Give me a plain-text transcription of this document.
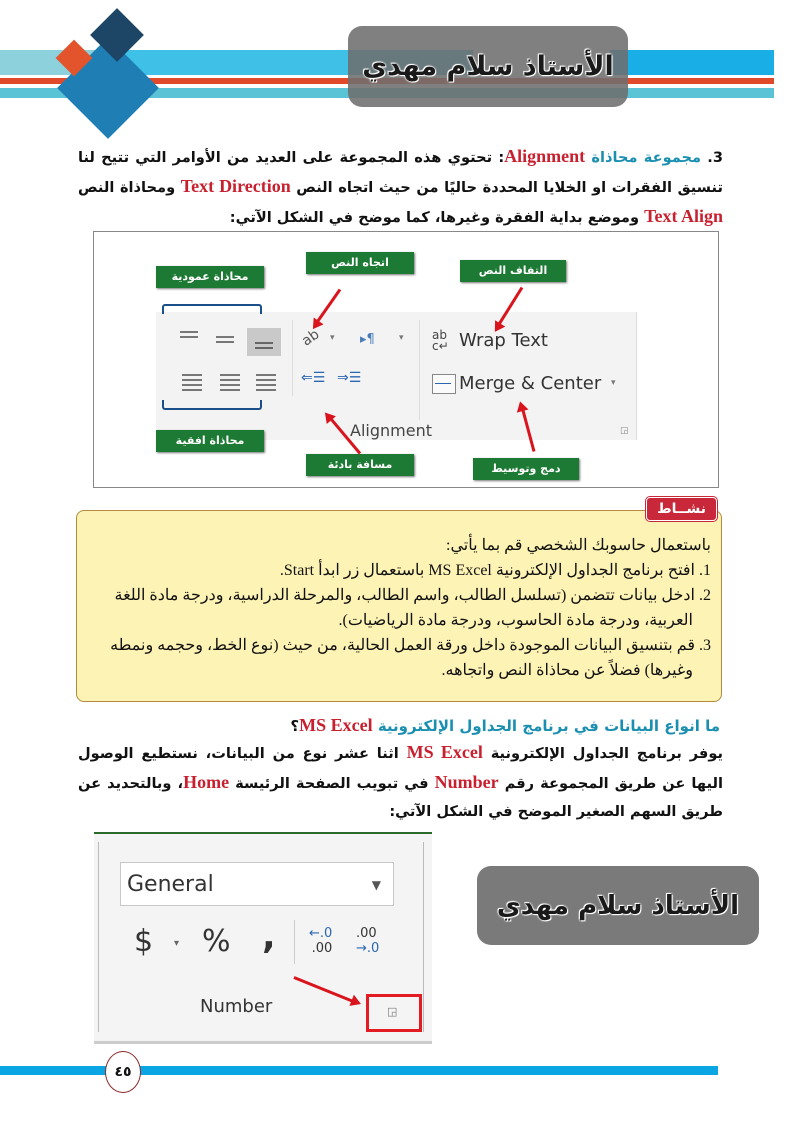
الأستاذ سلام مهدي
3. مجموعة محاذاة Alignment: تحتوي هذه المجموعة على العديد من الأوامر التي تتيح لنا تنسيق الفقرات او الخلايا المحددة حاليًا من حيث اتجاه النص Text Direction ومحاذاة النص Text Align وموضع بداية الفقرة وغيرها، كما موضح في الشكل الآتي:
محاذاة عمودية
اتجاه النص
التفاف النص
محاذاة افقية
مسافة بادئة	دمج وتوسيط
ab ▾ ▸¶	▾
⇐☰ ⇒☰
ab
c↵ Wrap Text
Merge & Center ▾
Alignment	◲
نشــاط
باستعمال حاسوبك الشخصي قم بما يأتي:
1. افتح برنامج الجداول الإلكترونية MS Excel باستعمال زر ابدأ Start.
2. ادخل بيانات تتضمن (تسلسل الطالب، واسم الطالب، والمرحلة الدراسية، ودرجة مادة اللغة
العربية، ودرجة مادة الحاسوب، ودرجة مادة الرياضيات).
3. قم بتنسيق البيانات الموجودة داخل ورقة العمل الحالية، من حيث (نوع الخط، وحجمه ونمطه
وغيرها) فضلاً عن محاذاة النص واتجاهه.
ما انواع البيانات في برنامج الجداول الإلكترونية MS Excel؟
يوفر برنامج الجداول الإلكترونية MS Excel اثنا عشر نوع من البيانات، نستطيع الوصول اليها عن طريق المجموعة رقم Number في تبويب الصفحة الرئيسة Home، وبالتحديد عن طريق السهم الصغير الموضح في الشكل الآتي:
General	▼
$ ▾ % ,	←.0
.00
.00
→.0
Number	◲
الأستاذ سلام مهدي
٤٥
